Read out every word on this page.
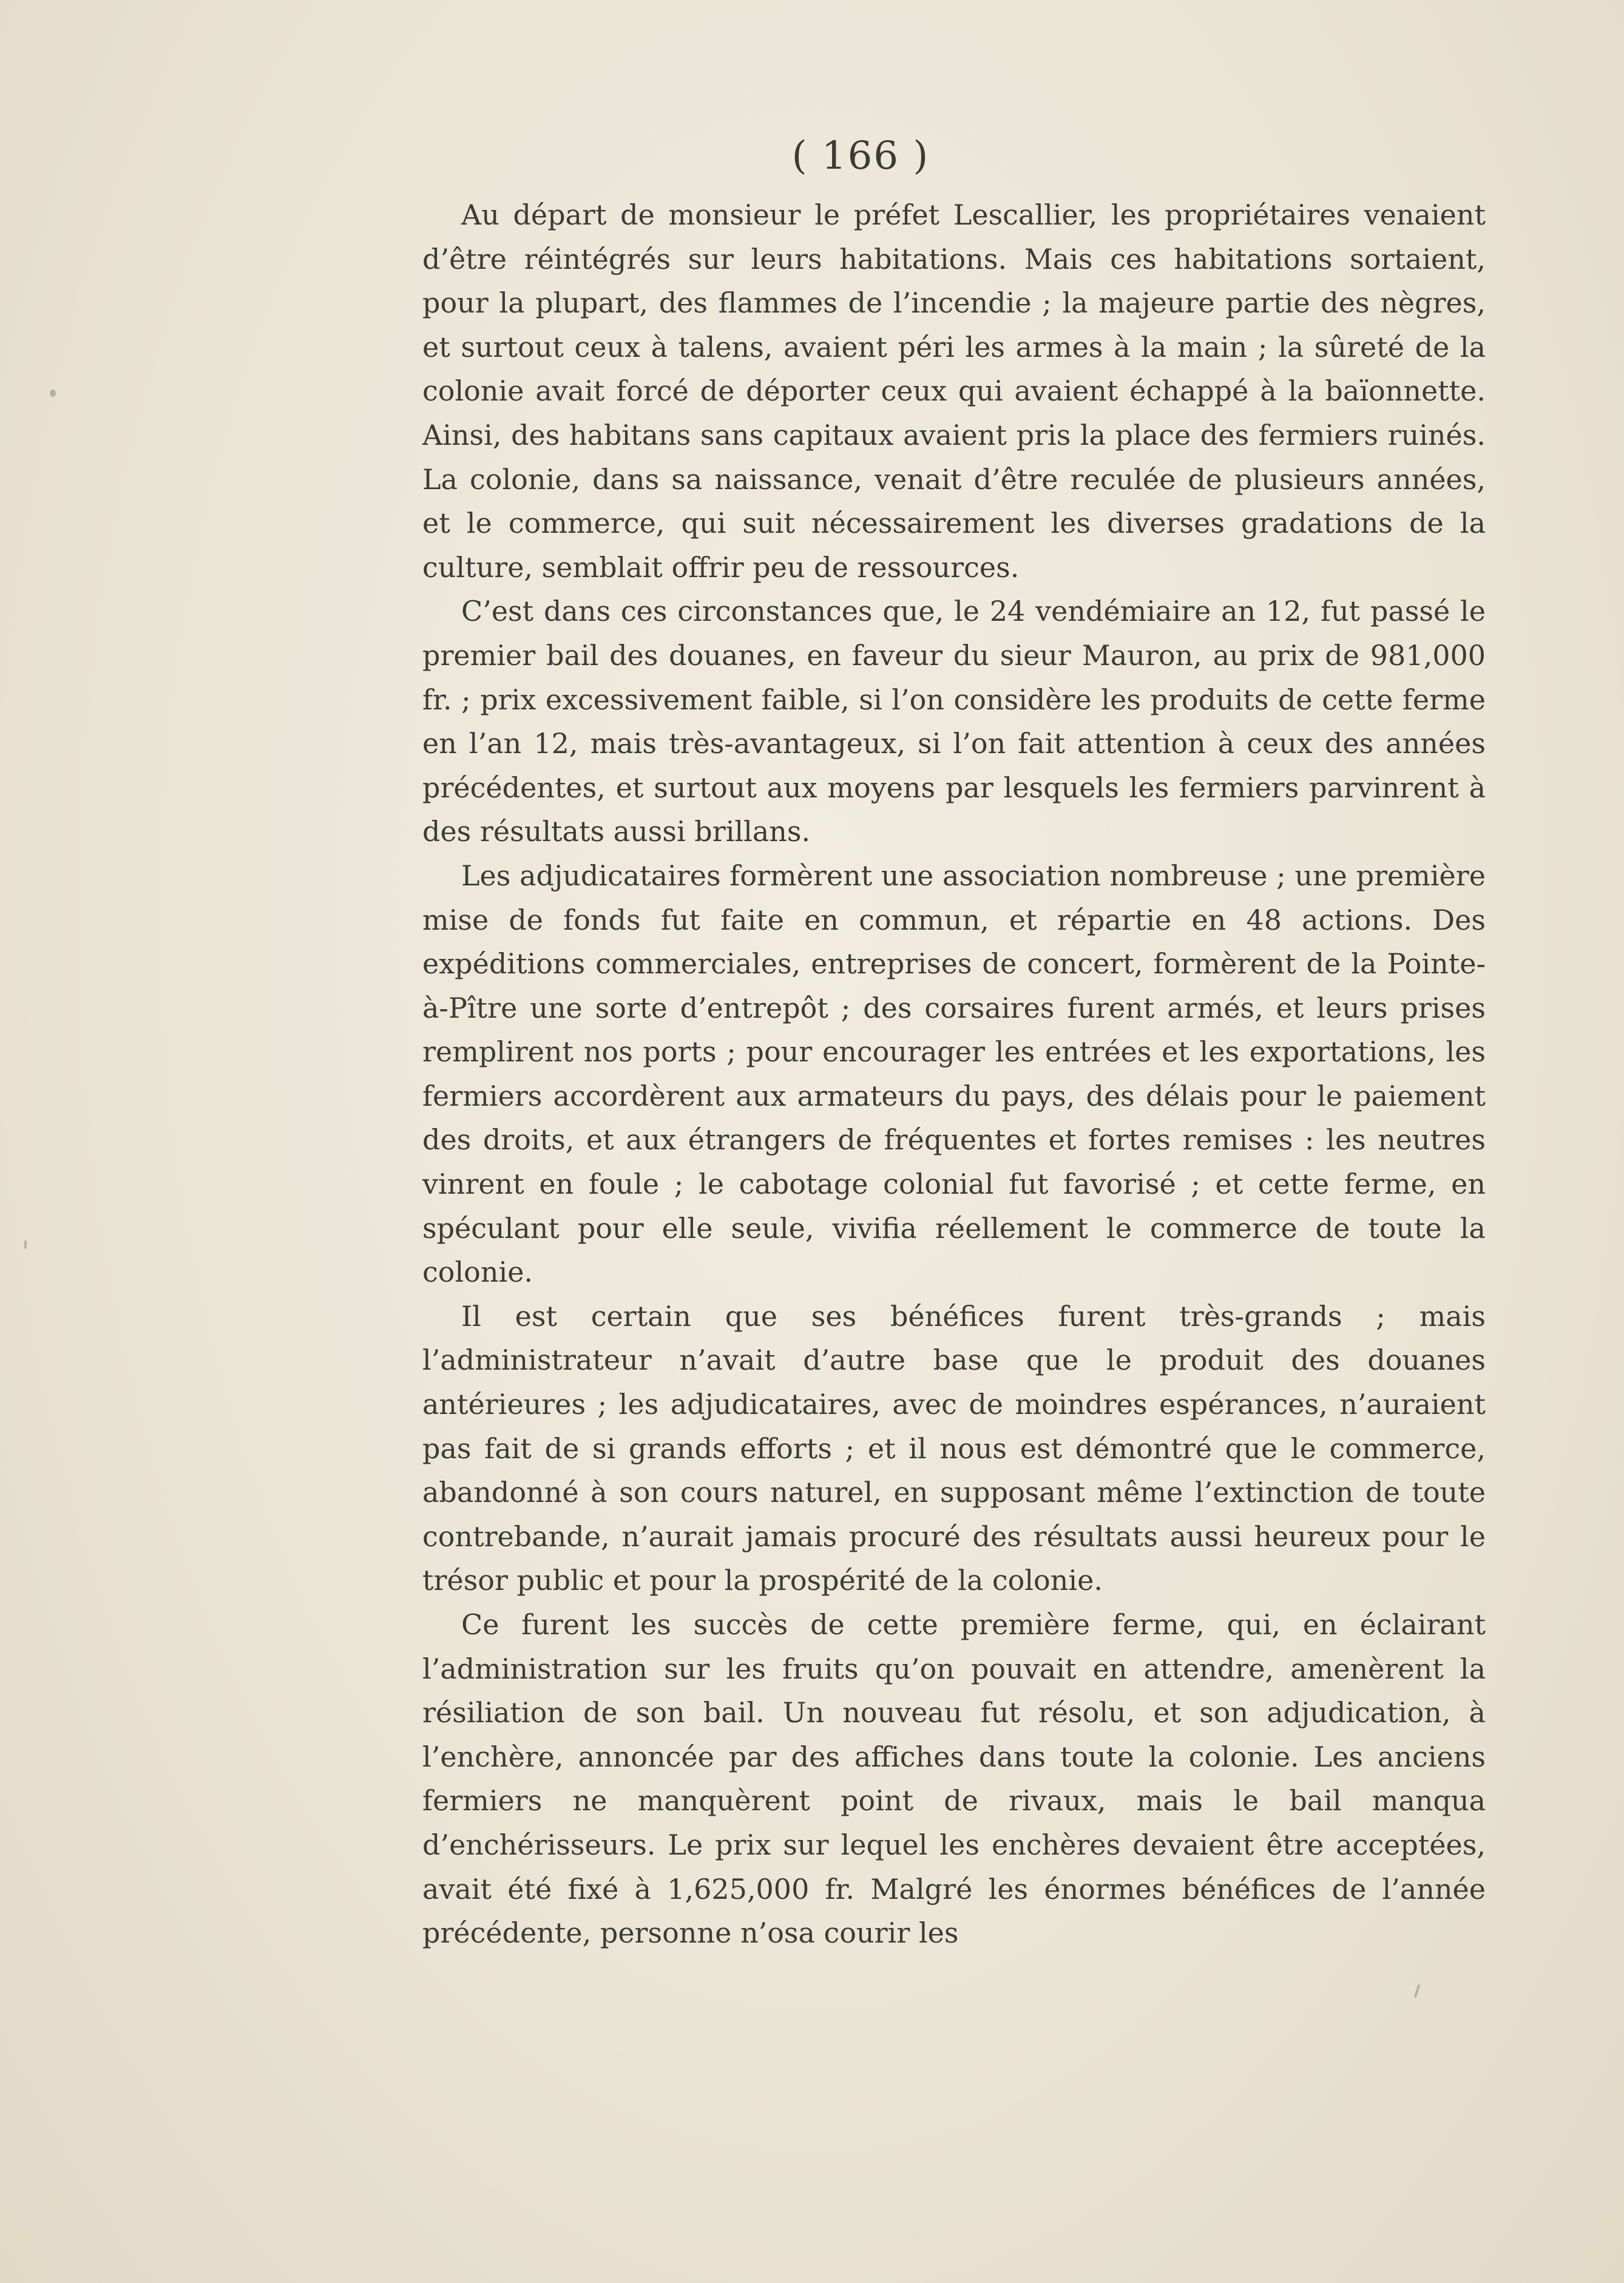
( 166 )

Au départ de monsieur le préfet Lescallier, les propriétaires venaient d’être réintégrés sur leurs habitations. Mais ces habitations sortaient, pour la plupart, des flammes de l’incendie ; la majeure partie des nègres, et surtout ceux à talens, avaient péri les armes à la main ; la sûreté de la colonie avait forcé de déporter ceux qui avaient échappé à la baïonnette. Ainsi, des habitans sans capitaux avaient pris la place des fermiers ruinés. La colonie, dans sa naissance, venait d’être reculée de plusieurs années, et le commerce, qui suit nécessairement les diverses gradations de la culture, semblait offrir peu de ressources.

C’est dans ces circonstances que, le 24 vendémiaire an 12, fut passé le premier bail des douanes, en faveur du sieur Mauron, au prix de 981,000 fr. ; prix excessivement faible, si l’on considère les produits de cette ferme en l’an 12, mais très-avantageux, si l’on fait attention à ceux des années précédentes, et surtout aux moyens par lesquels les fermiers parvinrent à des résultats aussi brillans.

Les adjudicataires formèrent une association nombreuse ; une première mise de fonds fut faite en commun, et répartie en 48 actions. Des expéditions commerciales, entreprises de concert, formèrent de la Pointe-à-Pître une sorte d’entrepôt ; des corsaires furent armés, et leurs prises remplirent nos ports ; pour encourager les entrées et les exportations, les fermiers accordèrent aux armateurs du pays, des délais pour le paiement des droits, et aux étrangers de fréquentes et fortes remises : les neutres vinrent en foule ; le cabotage colonial fut favorisé ; et cette ferme, en spéculant pour elle seule, vivifia réellement le commerce de toute la colonie.

Il est certain que ses bénéfices furent très-grands ; mais l’administrateur n’avait d’autre base que le produit des douanes antérieures ; les adjudicataires, avec de moindres espérances, n’auraient pas fait de si grands efforts ; et il nous est démontré que le commerce, abandonné à son cours naturel, en supposant même l’extinction de toute contrebande, n’aurait jamais procuré des résultats aussi heureux pour le trésor public et pour la prospérité de la colonie.

Ce furent les succès de cette première ferme, qui, en éclairant l’administration sur les fruits qu’on pouvait en attendre, amenèrent la résiliation de son bail. Un nouveau fut résolu, et son adjudication, à l’enchère, annoncée par des affiches dans toute la colonie. Les anciens fermiers ne manquèrent point de rivaux, mais le bail manqua d’enchérisseurs. Le prix sur lequel les enchères devaient être acceptées, avait été fixé à 1,625,000 fr. Malgré les énormes bénéfices de l’année précédente, personne n’osa courir les
